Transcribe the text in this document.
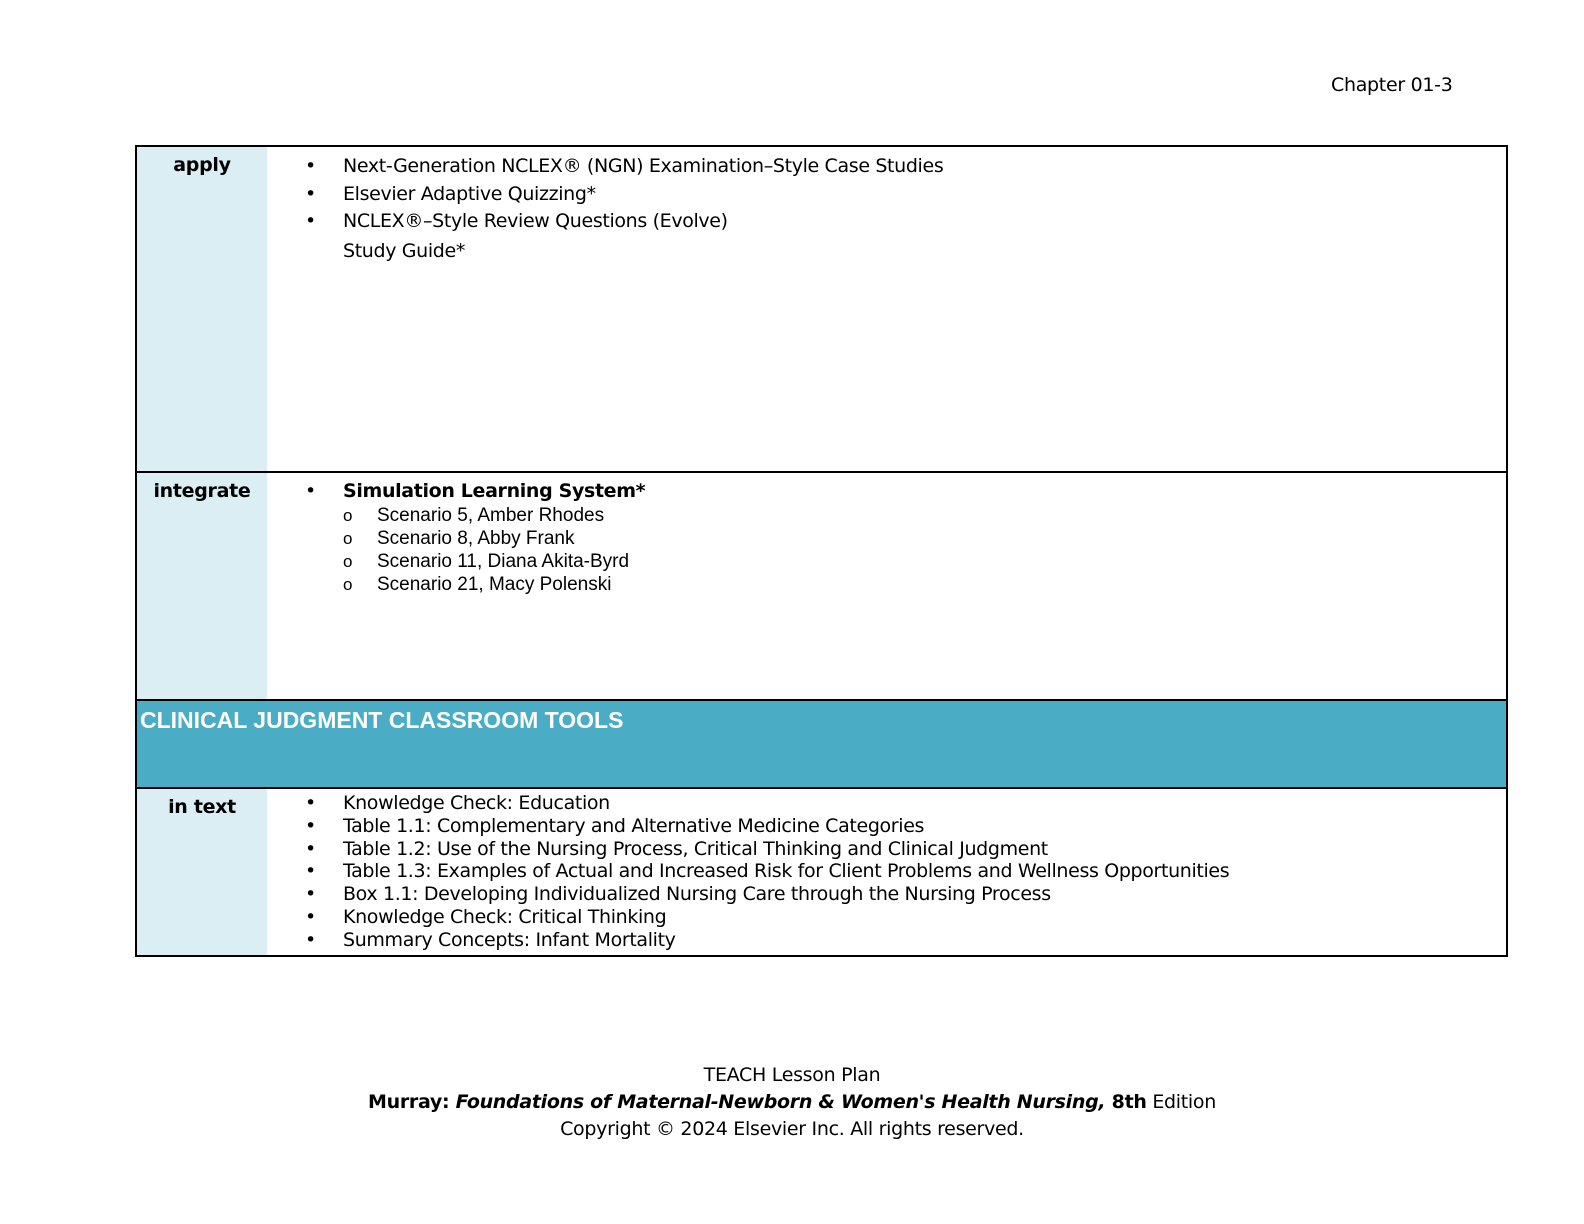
Chapter 01-3
apply	• Next-Generation NCLEX® (NGN) Examination–Style Case Studies
• Elsevier Adaptive Quizzing*
• NCLEX®–Style Review Questions (Evolve)
Study Guide*
integrate	• Simulation Learning System*
o Scenario 5, Amber Rhodes
o Scenario 8, Abby Frank
o Scenario 11, Diana Akita-Byrd
o Scenario 21, Macy Polenski
CLINICAL JUDGMENT CLASSROOM TOOLS
in text	• Knowledge Check: Education
• Table 1.1: Complementary and Alternative Medicine Categories
• Table 1.2: Use of the Nursing Process, Critical Thinking and Clinical Judgment
• Table 1.3: Examples of Actual and Increased Risk for Client Problems and Wellness Opportunities
• Box 1.1: Developing Individualized Nursing Care through the Nursing Process
• Knowledge Check: Critical Thinking
• Summary Concepts: Infant Mortality
TEACH Lesson Plan
Murray: Foundations of Maternal-Newborn & Women's Health Nursing, 8th Edition
Copyright © 2024 Elsevier Inc. All rights reserved.
